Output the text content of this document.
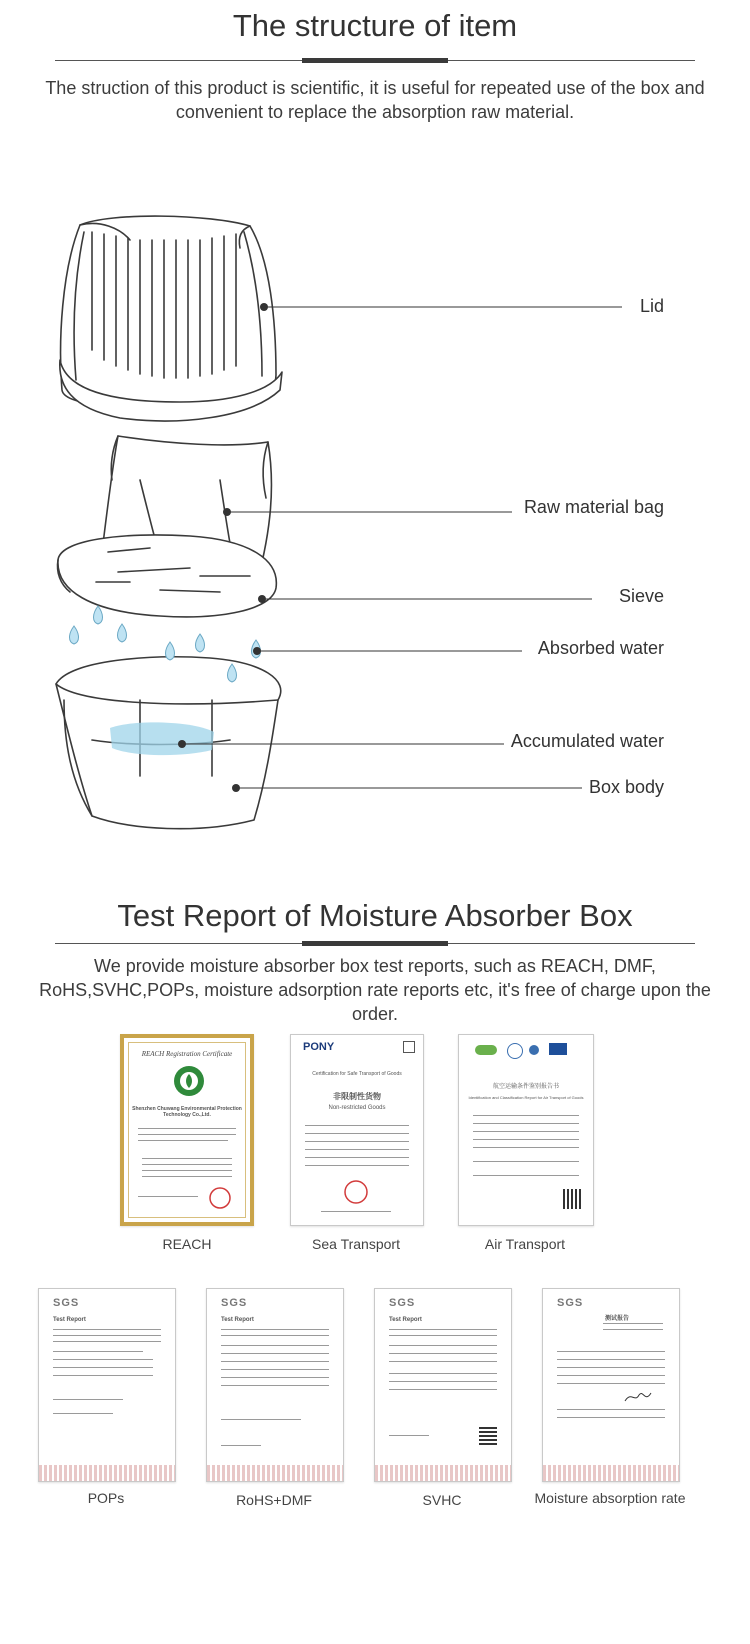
The structure of item
The struction of this product is scientific, it is useful for repeated use of the box and convenient to replace the absorption raw material.
Lid
Raw material bag
Sieve
Absorbed water
Accumulated water
Box body
Test Report of Moisture Absorber Box
We provide moisture absorber box test reports, such as REACH, DMF, RoHS,SVHC,POPs, moisture adsorption rate reports etc, it's free of charge upon the order.
REACH Registration Certificate
Shenzhen Chuwang Environmental Protection Technology Co.,Ltd.
REACH
PONY
Certification for Safe Transport of Goods
非限制性货物
Non-restricted Goods
Sea Transport
航空运输条件鉴别报告书
Identification and Classification Report for Air Transport of Goods
Air Transport
SGS
Test Report
POPs
SGS
Test Report
RoHS+DMF
SGS
Test Report
SVHC
SGS
测试报告
Moisture absorption rate
